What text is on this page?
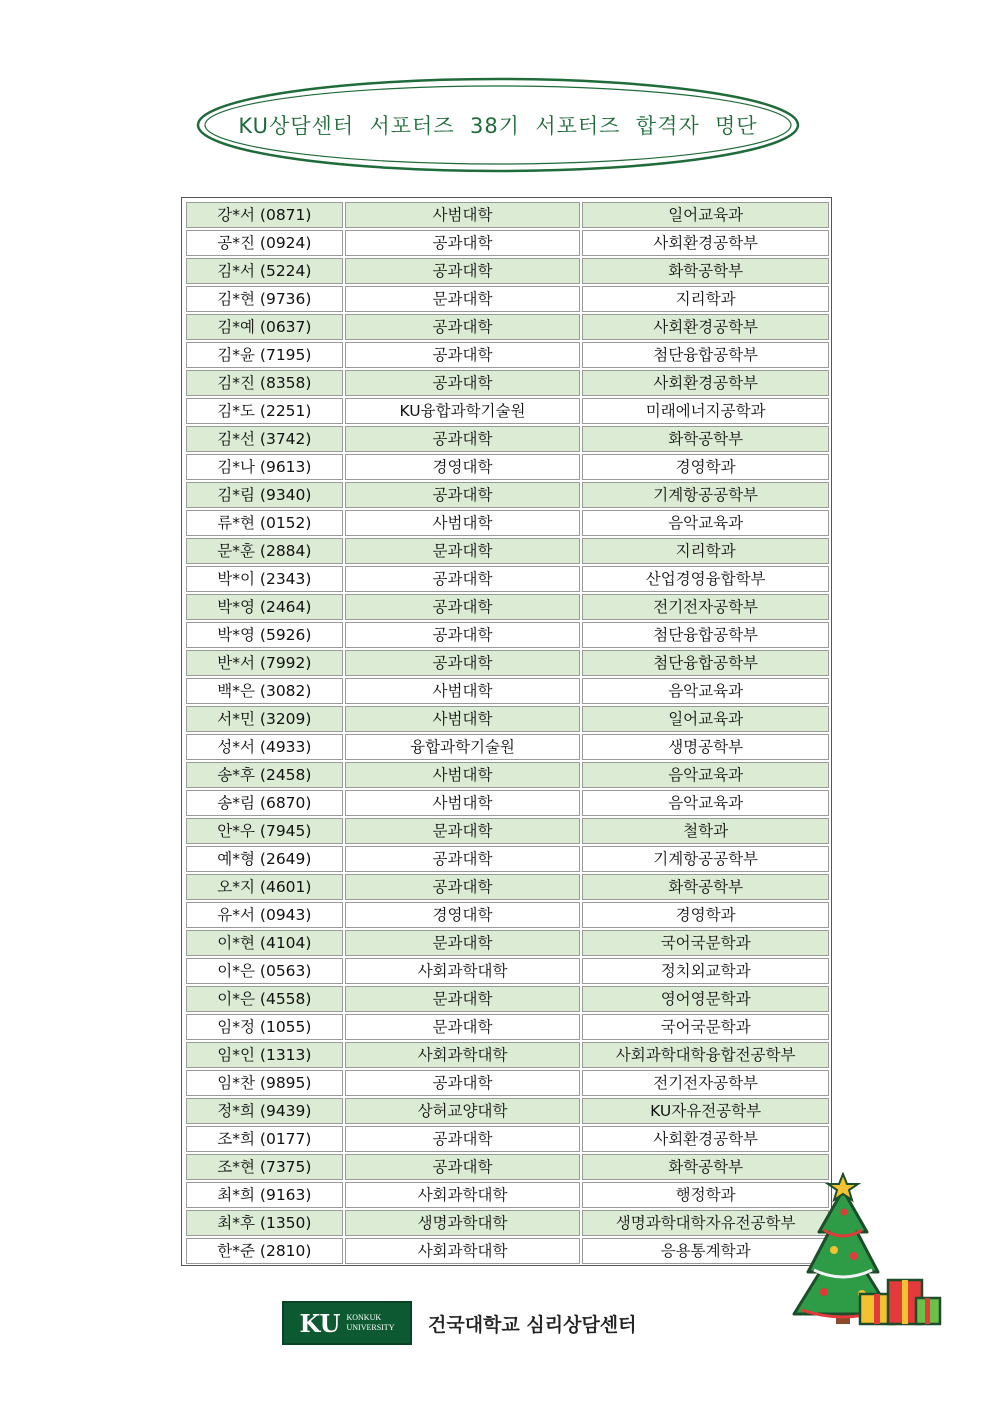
KU상담센터  서포터즈  38기  서포터즈  합격자  명단
강*서 (0871)	사범대학	일어교육과
공*진 (0924)	공과대학	사회환경공학부
김*서 (5224)	공과대학	화학공학부
김*현 (9736)	문과대학	지리학과
김*예 (0637)	공과대학	사회환경공학부
김*윤 (7195)	공과대학	첨단융합공학부
김*진 (8358)	공과대학	사회환경공학부
김*도 (2251)	KU융합과학기술원	미래에너지공학과
김*선 (3742)	공과대학	화학공학부
김*나 (9613)	경영대학	경영학과
김*림 (9340)	공과대학	기계항공공학부
류*현 (0152)	사범대학	음악교육과
문*훈 (2884)	문과대학	지리학과
박*이 (2343)	공과대학	산업경영융합학부
박*영 (2464)	공과대학	전기전자공학부
박*영 (5926)	공과대학	첨단융합공학부
반*서 (7992)	공과대학	첨단융합공학부
백*은 (3082)	사범대학	음악교육과
서*민 (3209)	사범대학	일어교육과
성*서 (4933)	융합과학기술원	생명공학부
송*후 (2458)	사범대학	음악교육과
송*림 (6870)	사범대학	음악교육과
안*우 (7945)	문과대학	철학과
예*형 (2649)	공과대학	기계항공공학부
오*지 (4601)	공과대학	화학공학부
유*서 (0943)	경영대학	경영학과
이*현 (4104)	문과대학	국어국문학과
이*은 (0563)	사회과학대학	정치외교학과
이*은 (4558)	문과대학	영어영문학과
임*정 (1055)	문과대학	국어국문학과
임*인 (1313)	사회과학대학	사회과학대학융합전공학부
임*찬 (9895)	공과대학	전기전자공학부
정*희 (9439)	상허교양대학	KU자유전공학부
조*희 (0177)	공과대학	사회환경공학부
조*현 (7375)	공과대학	화학공학부
최*희 (9163)	사회과학대학	행정학과
최*후 (1350)	생명과학대학	생명과학대학자유전공학부
한*준 (2810)	사회과학대학	응용통계학과
KU KONKUK
UNIVERSITY 건국대학교 심리상담센터
